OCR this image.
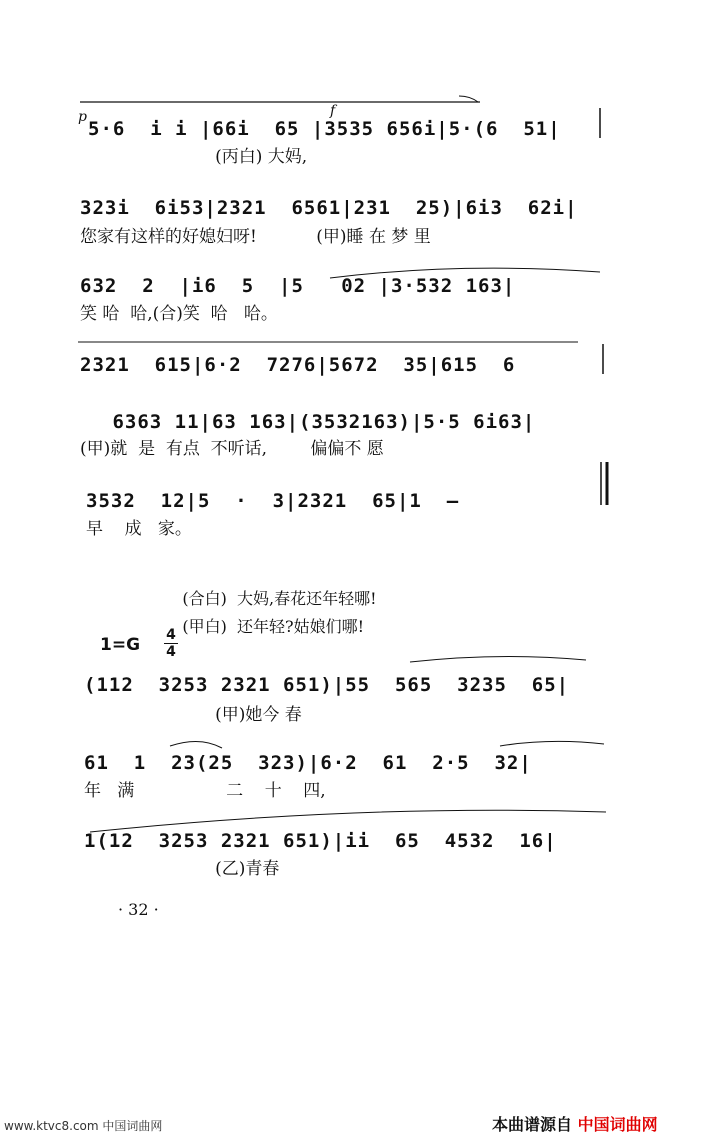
p	f
5·6  i i |66i  65 |3535 656i|5·(6  51|
(丙白) 大妈,
323i  6i53|2321  6561|231  25)|6i3  62i|
您家有这样的好媳妇呀!           (甲)睡 在 梦 里
632  2  |i6  5  |5   02 |3·532 163|
笑 哈  哈,(合)笑  哈   哈。
2321  615|6·2  7276|5672  35|615  6
6363 11|63 163|(3532163)|5·5 6i63|
(甲)就  是  有点  不听话,        偏偏不 愿
3532  12|5  ·  3|2321  65|1  —
早    成   家。

(合白) 大妈,春花还年轻哪!

(甲白) 还年轻?姑娘们哪!

1=G 4
4
(112  3253 2321 651)|55  565  3235  65|
(甲)她今 春
61  1  23(25  323)|6·2  61  2·5  32|
年   满                 二    十    四,
1(12  3253 2321 651)|ii  65  4532  16|
(乙)青春
· 32 ·
www.ktvc8.com 中国词曲网	本曲谱源自 中国词曲网
